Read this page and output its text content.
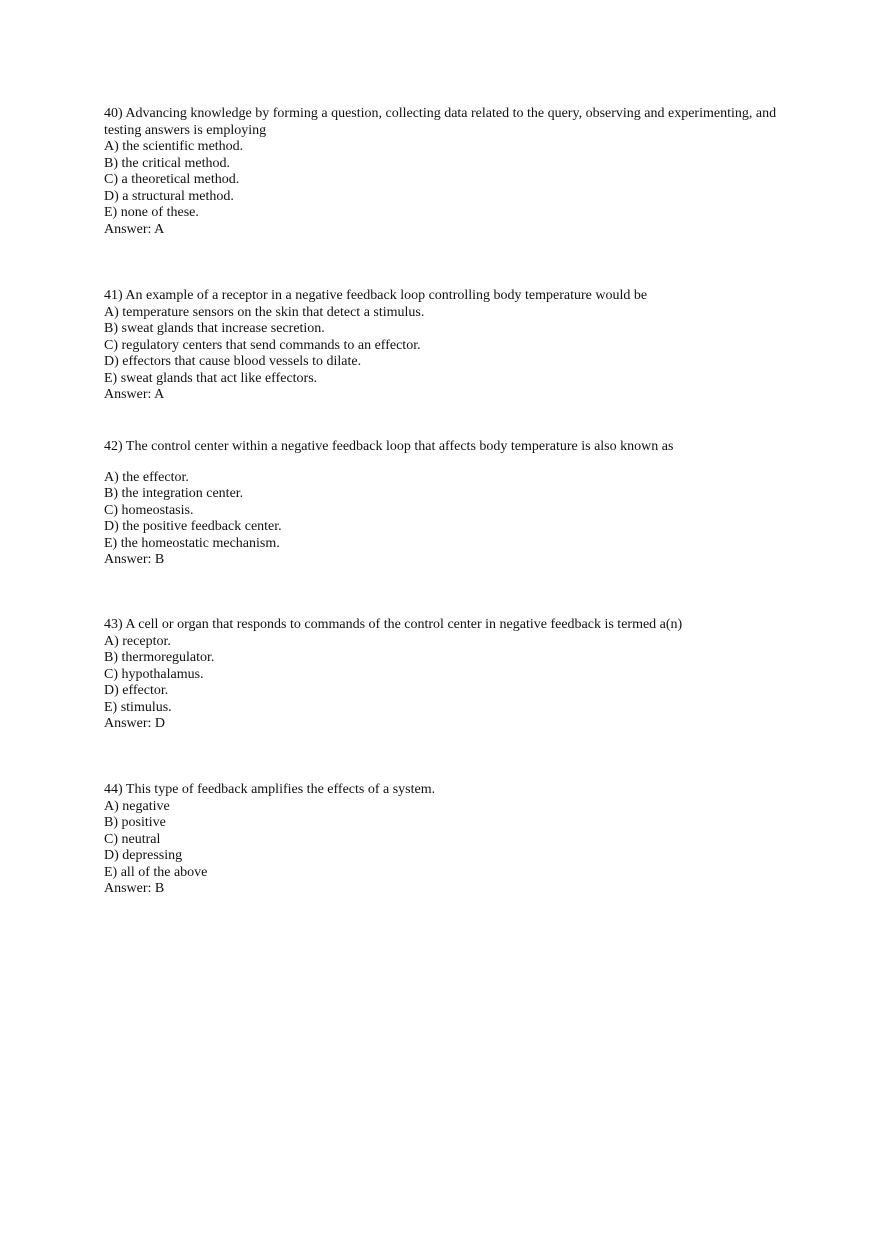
40) Advancing knowledge by forming a question, collecting data related to the query, observing and experimenting, and testing answers is employing

A) the scientific method.
B) the critical method.
C) a theoretical method.
D) a structural method.
E) none of these.
Answer: A

41) An example of a receptor in a negative feedback loop controlling body temperature would be

A) temperature sensors on the skin that detect a stimulus.
B) sweat glands that increase secretion.
C) regulatory centers that send commands to an effector.
D) effectors that cause blood vessels to dilate.
E) sweat glands that act like effectors.
Answer: A

42) The control center within a negative feedback loop that affects body temperature is also known as

A) the effector.
B) the integration center.
C) homeostasis.
D) the positive feedback center.
E) the homeostatic mechanism.
Answer: B

43) A cell or organ that responds to commands of the control center in negative feedback is termed a(n)

A) receptor.
B) thermoregulator.
C) hypothalamus.
D) effector.
E) stimulus.
Answer: D

44) This type of feedback amplifies the effects of a system.

A) negative
B) positive
C) neutral
D) depressing
E) all of the above
Answer: B
